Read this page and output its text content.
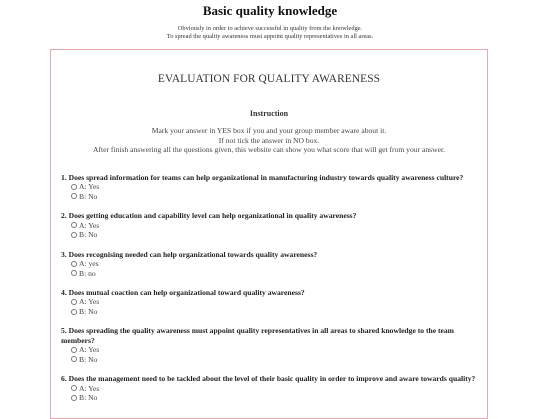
Basic quality knowledge
Obviously in order to achieve successful in quality from the knowledge.
To spread the quality awareness must appoint quality representatives in all areas.
EVALUATION FOR QUALITY AWARENESS
Instruction
Mark your answer in YES box if you and your group member aware about it.
If not tick the answer in NO box.
After finish answering all the questions given, this website can show you what score that will get from your answer.
1. Does spread information for teams can help organizational in manufacturing industry towards quality awareness culture?
A: Yes
B: No
2. Does getting education and capability level can help organizational in quality awareness?
A: Yes
B: No
3. Does recognising needed can help organizational towards quality awareness?
A: yes
B: no
4. Does mutual coaction can help organizational toward quality awareness?
A: Yes
B: No
5. Does spreading the quality awareness must appoint quality representatives in all areas to shared knowledge to the team members?
A: Yes
B: No
6. Does the management need to be tackled about the level of their basic quality in order to improve and aware towards quality?
A: Yes
B: No
